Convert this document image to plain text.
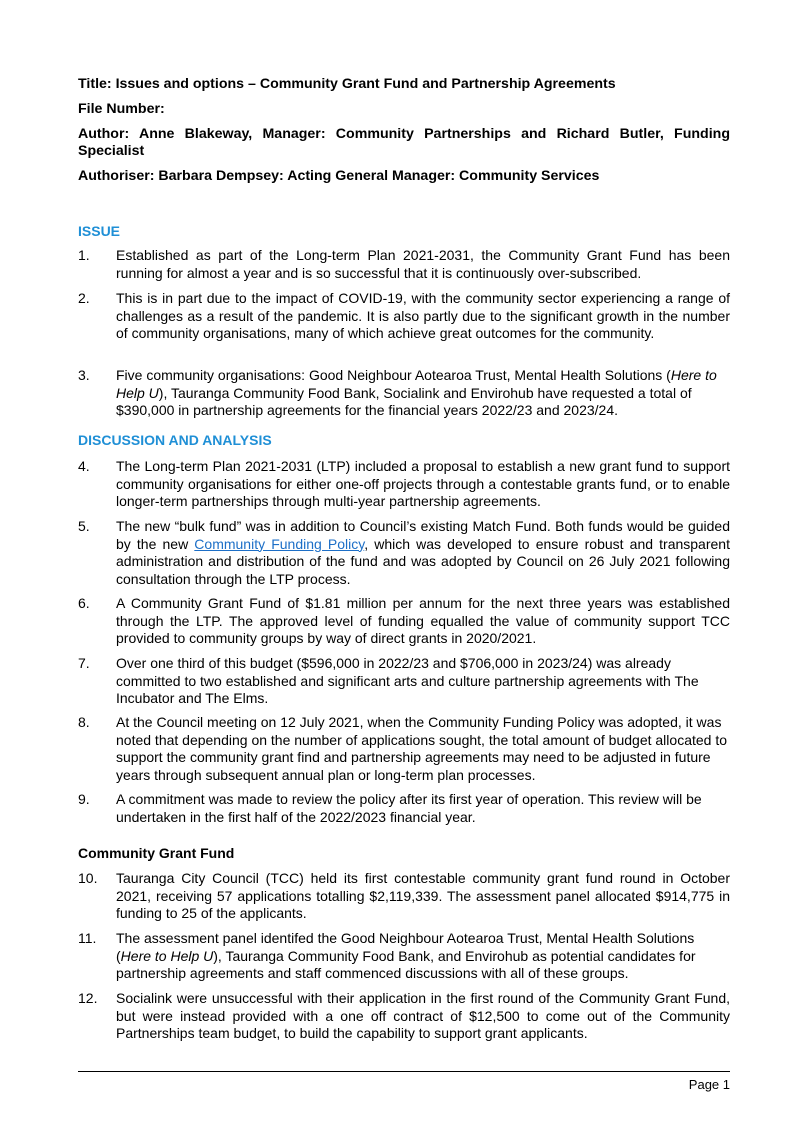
Title: Issues and options – Community Grant Fund and Partnership Agreements

File Number:

Author: Anne Blakeway, Manager: Community Partnerships and Richard Butler, Funding Specialist

Authoriser: Barbara Dempsey: Acting General Manager: Community Services

ISSUE

1.	Established as part of the Long-term Plan 2021-2031, the Community Grant Fund has been running for almost a year and is so successful that it is continuously over-subscribed.
2.	This is in part due to the impact of COVID-19, with the community sector experiencing a range of challenges as a result of the pandemic. It is also partly due to the significant growth in the number of community organisations, many of which achieve great outcomes for the community.
3.	Five community organisations: Good Neighbour Aotearoa Trust, Mental Health Solutions (Here to Help U), Tauranga Community Food Bank, Socialink and Envirohub have requested a total of $390,000 in partnership agreements for the financial years 2022/23 and 2023/24.

DISCUSSION AND ANALYSIS

4.	The Long-term Plan 2021-2031 (LTP) included a proposal to establish a new grant fund to support community organisations for either one-off projects through a contestable grants fund, or to enable longer-term partnerships through multi-year partnership agreements.
5.	The new “bulk fund” was in addition to Council’s existing Match Fund. Both funds would be guided by the new Community Funding Policy, which was developed to ensure robust and transparent administration and distribution of the fund and was adopted by Council on 26 July 2021 following consultation through the LTP process.
6.	A Community Grant Fund of $1.81 million per annum for the next three years was established through the LTP. The approved level of funding equalled the value of community support TCC provided to community groups by way of direct grants in 2020/2021.
7.	Over one third of this budget ($596,000 in 2022/23 and $706,000 in 2023/24) was already committed to two established and significant arts and culture partnership agreements with The Incubator and The Elms.
8.	At the Council meeting on 12 July 2021, when the Community Funding Policy was adopted, it was noted that depending on the number of applications sought, the total amount of budget allocated to support the community grant find and partnership agreements may need to be adjusted in future years through subsequent annual plan or long-term plan processes.
9.	A commitment was made to review the policy after its first year of operation. This review will be undertaken in the first half of the 2022/2023 financial year.

Community Grant Fund

10.	Tauranga City Council (TCC) held its first contestable community grant fund round in October 2021, receiving 57 applications totalling $2,119,339. The assessment panel allocated $914,775 in funding to 25 of the applicants.
11.	The assessment panel identifed the Good Neighbour Aotearoa Trust, Mental Health Solutions (Here to Help U), Tauranga Community Food Bank, and Envirohub as potential candidates for partnership agreements and staff commenced discussions with all of these groups.
12.	Socialink were unsuccessful with their application in the first round of the Community Grant Fund, but were instead provided with a one off contract of $12,500 to come out of the Community Partnerships team budget, to build the capability to support grant applicants.
Page 1
